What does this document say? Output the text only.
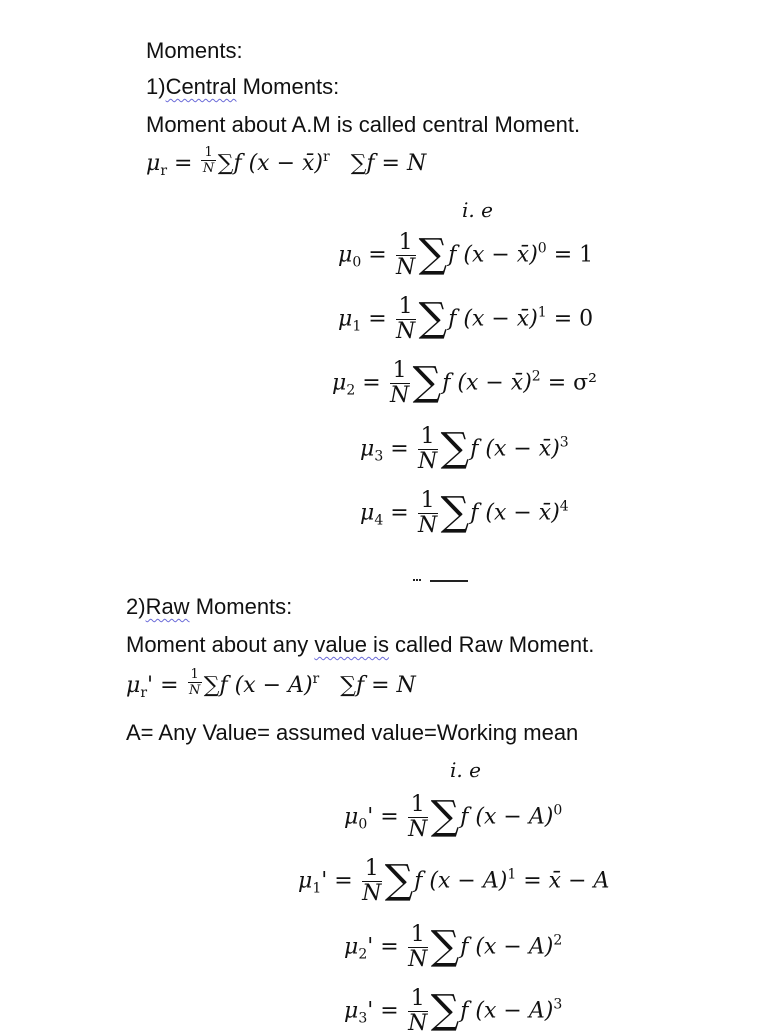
Moments:
1)Central Moments:
Moment about A.M is called central Moment.
$\mu_r = \frac{1}{N} \sum f$ (x − x̄)$^r$ ∑f = N
i. e
$\mu_0 = \frac{1}{N} \sum f$ (x − x̄)$^0$ = 1
$\mu_1 = \frac{1}{N} \sum f$ (x − x̄)$^1$ = 0
$\mu_2 = \frac{1}{N} \sum f$ (x − x̄)$^2$ = σ²
$\mu_3 = \frac{1}{N} \sum f$ (x − x̄)$^3$
$\mu_4 = \frac{1}{N} \sum f$ (x − x̄)$^4$
2)Raw Moments:
Moment about any value is called Raw Moment.
$\mu_r' = \frac{1}{N} \sum f$ $(x - A)^r$ ∑f = N
A= Any Value= assumed value=Working mean
i. e
$\mu_0' = \frac{1}{N} \sum f$ $(x - A)^0$
$\mu_1' = \frac{1}{N} \sum f$ $(x - A)^1$ = x̄ − A
$\mu_2' = \frac{1}{N} \sum f$ $(x - A)^2$
$\mu_3' = \frac{1}{N} \sum f$ $(x - A)^3$
